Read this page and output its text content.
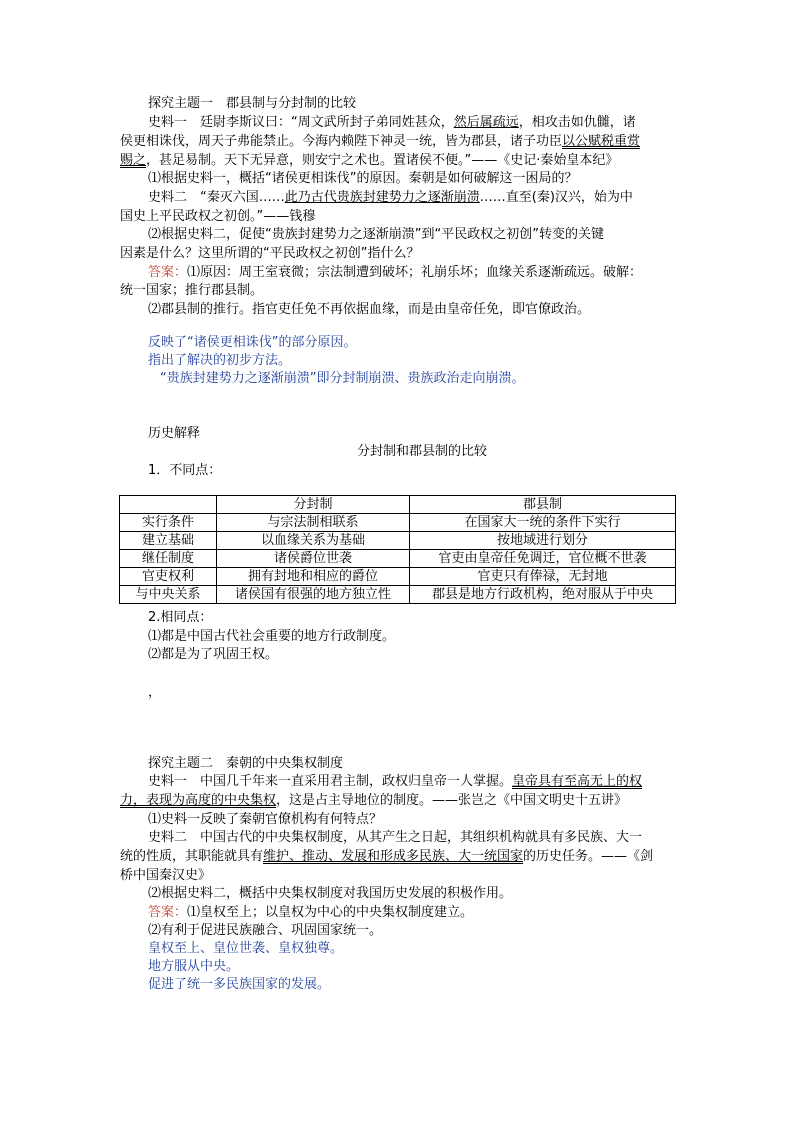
探究主题一　郡县制与分封制的比较
史料一　廷尉李斯议曰：“周文武所封子弟同姓甚众，然后属疏远，相攻击如仇雠，诸
侯更相诛伐，周天子弗能禁止。今海内赖陛下神灵一统，皆为郡县，诸子功臣以公赋税重赏
赐之，甚足易制。天下无异意，则安宁之术也。置诸侯不便。”——《史记·秦始皇本纪》
⑴根据史料一，概括“诸侯更相诛伐”的原因。秦朝是如何破解这一困局的？
史料二　“秦灭六国……此乃古代贵族封建势力之逐渐崩溃……直至(秦)汉兴，始为中
国史上平民政权之初创。”——钱穆
⑵根据史料二，促使“贵族封建势力之逐渐崩溃”到“平民政权之初创”转变的关键
因素是什么？这里所谓的“平民政权之初创”指什么？
答案：⑴原因：周王室衰微；宗法制遭到破坏；礼崩乐坏；血缘关系逐渐疏远。破解：
统一国家；推行郡县制。
⑵郡县制的推行。指官吏任免不再依据血缘，而是由皇帝任免，即官僚政治。
反映了“诸侯更相诛伐”的部分原因。
指出了解决的初步方法。
“贵族封建势力之逐渐崩溃”即分封制崩溃、贵族政治走向崩溃。
历史解释
分封制和郡县制的比较
1．不同点：
	分封制	郡县制
实行条件	与宗法制相联系	在国家大一统的条件下实行
建立基础	以血缘关系为基础	按地域进行划分
继任制度	诸侯爵位世袭	官吏由皇帝任免调迁，官位概不世袭
官吏权利	拥有封地和相应的爵位	官吏只有俸禄，无封地
与中央关系	诸侯国有很强的地方独立性	郡县是地方行政机构，绝对服从于中央
2.相同点：
⑴都是中国古代社会重要的地方行政制度。
⑵都是为了巩固王权。
，
探究主题二　秦朝的中央集权制度
史料一　中国几千年来一直采用君主制，政权归皇帝一人掌握。皇帝具有至高无上的权
力，表现为高度的中央集权，这是占主导地位的制度。——张岂之《中国文明史十五讲》
⑴史料一反映了秦朝官僚机构有何特点？
史料二　中国古代的中央集权制度，从其产生之日起，其组织机构就具有多民族、大一
统的性质，其职能就具有维护、推动、发展和形成多民族、大一统国家的历史任务。——《剑
桥中国秦汉史》
⑵根据史料二，概括中央集权制度对我国历史发展的积极作用。
答案：⑴皇权至上；以皇权为中心的中央集权制度建立。
⑵有利于促进民族融合、巩固国家统一。
皇权至上、皇位世袭、皇权独尊。
地方服从中央。
促进了统一多民族国家的发展。
